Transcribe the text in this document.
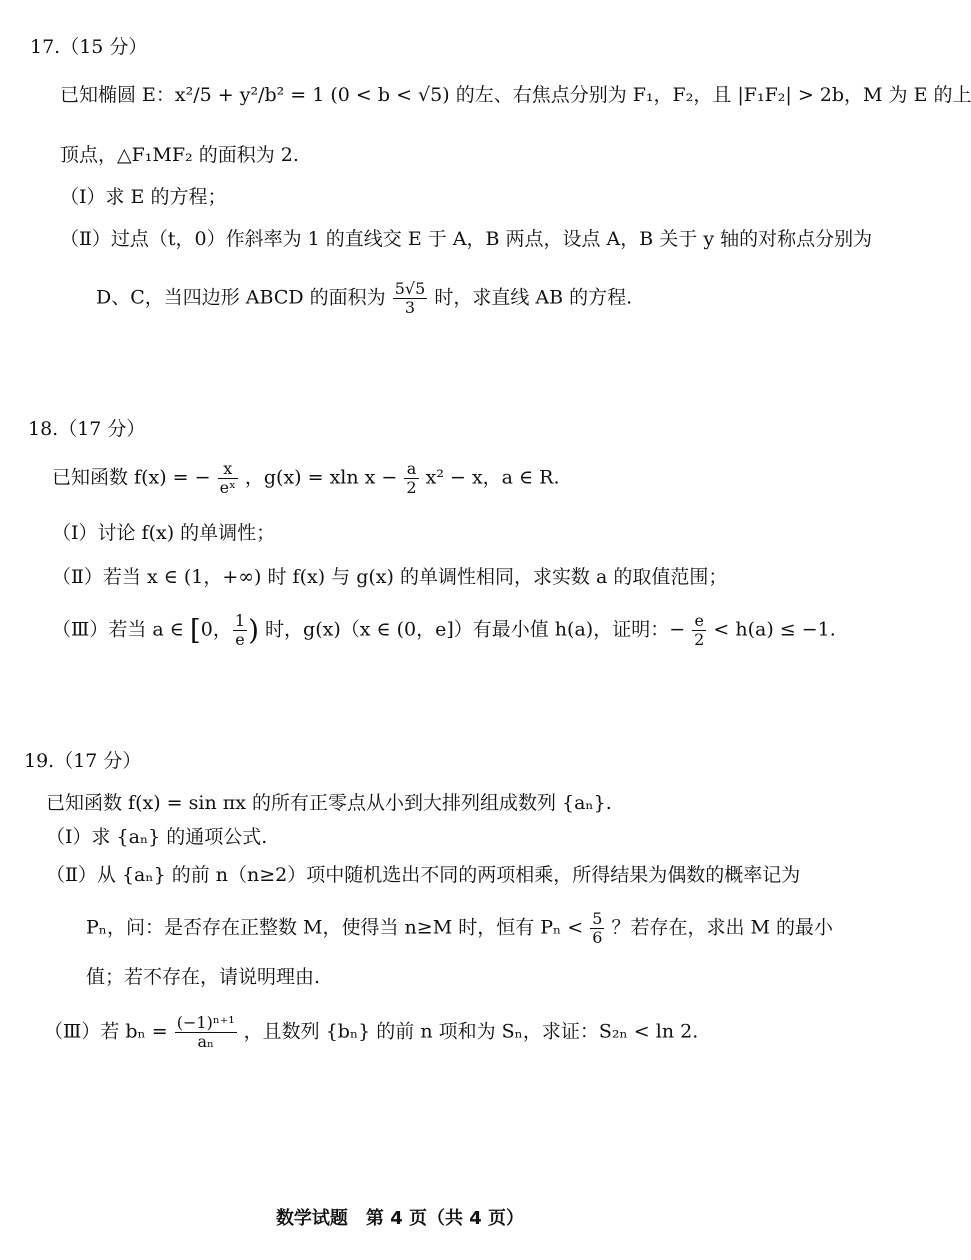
17.（15 分）
已知椭圆 E：x²/5 + y²/b² = 1 (0 < b < √5) 的左、右焦点分别为 F₁，F₂，且 |F₁F₂| > 2b，M 为 E 的上
顶点，△F₁MF₂ 的面积为 2.
（Ⅰ）求 E 的方程；
（Ⅱ）过点（t，0）作斜率为 1 的直线交 E 于 A，B 两点，设点 A，B 关于 y 轴的对称点分别为
D、C，当四边形 ABCD 的面积为 $\frac{5√5}{3}$ 时，求直线 AB 的方程.
18.（17 分）
已知函数 f(x) = − $\frac{x}{\text{eˣ}}$ ，g(x) = xln $x - \frac{a}{2} x^2 - x$，a ∈ R.
（Ⅰ）讨论 f(x) 的单调性；
（Ⅱ）若当 x ∈ (1，+∞) 时 f(x) 与 g(x) 的单调性相同，求实数 a 的取值范围；
（Ⅲ）若当 a ∈ [0， $\frac{1}{e}$ ) 时，g(x)（x ∈ (0，e]）有最小值 h(a)，证明：− $\frac{e}{2} < h(a) \le -1$.
19.（17 分）
已知函数 f(x) = sin πx 的所有正零点从小到大排列组成数列 {aₙ}.
（Ⅰ）求 {aₙ} 的通项公式.
（Ⅱ）从 {aₙ} 的前 n（n≥2）项中随机选出不同的两项相乘，所得结果为偶数的概率记为
Pₙ，问：是否存在正整数 M，使得当 n≥M 时，恒有 $P_n < \frac{5}{6}$ ？若存在，求出 M 的最小
值；若不存在，请说明理由.
（Ⅲ）若 $b_n = \frac{\text{(−1)ⁿ⁺¹}}{\text{aₙ}}$ ，且数列 {bₙ} 的前 n 项和为 Sₙ，求证：S₂ₙ < ln 2.
数学试题　第 4 页（共 4 页）
